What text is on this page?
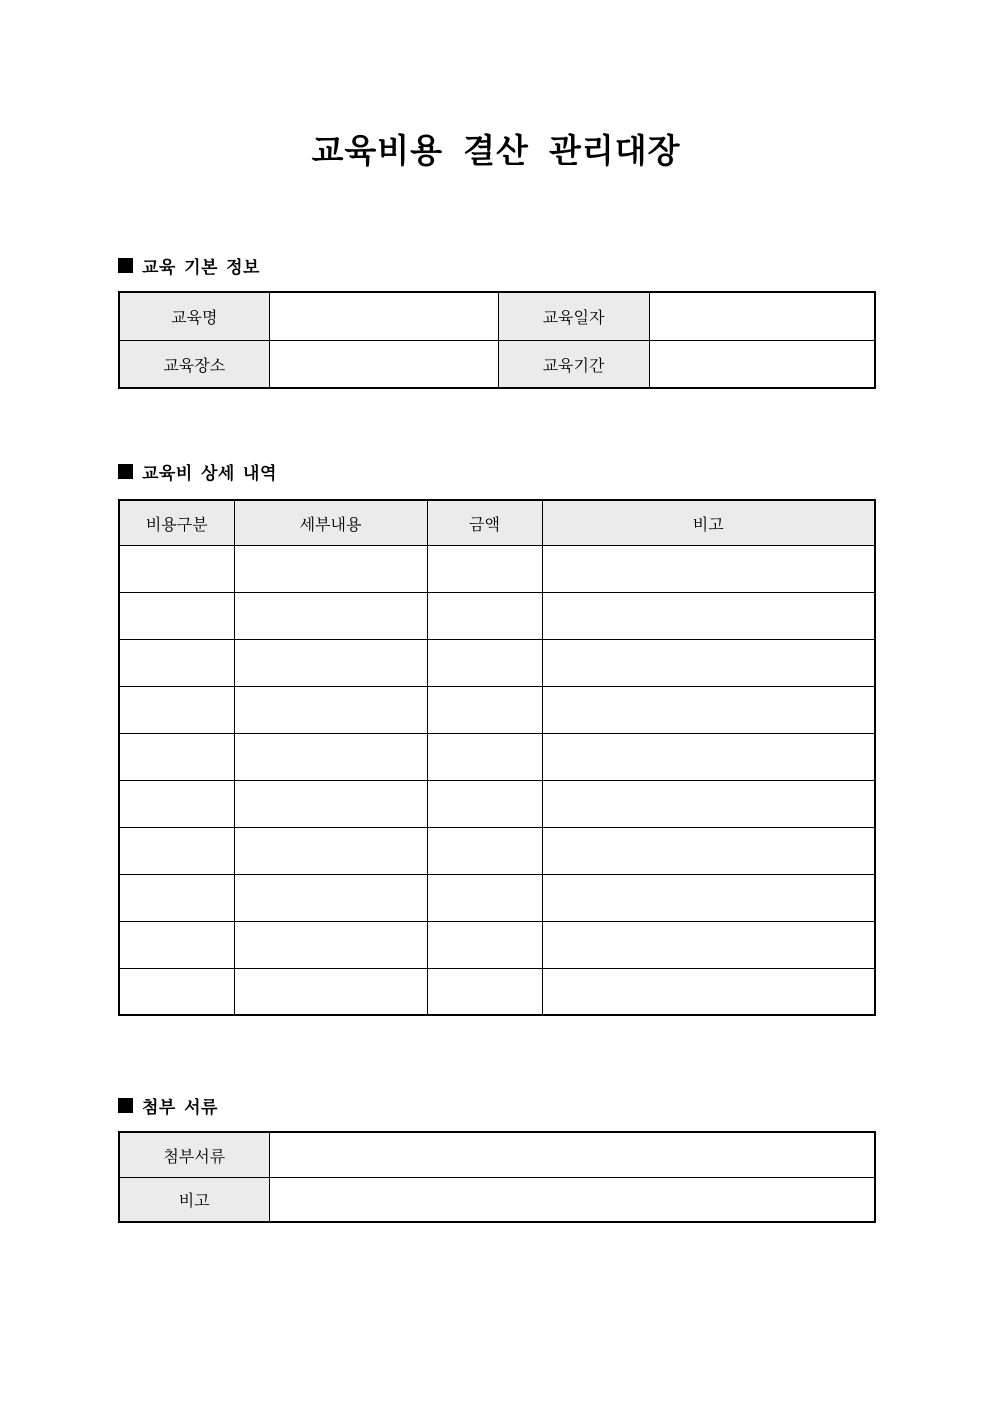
교육비용 결산 관리대장
교육 기본 정보
교육명		교육일자	
교육장소		교육기간	
교육비 상세 내역
비용구분	세부내용	금액	비고

첨부 서류
첨부서류	
비고	
